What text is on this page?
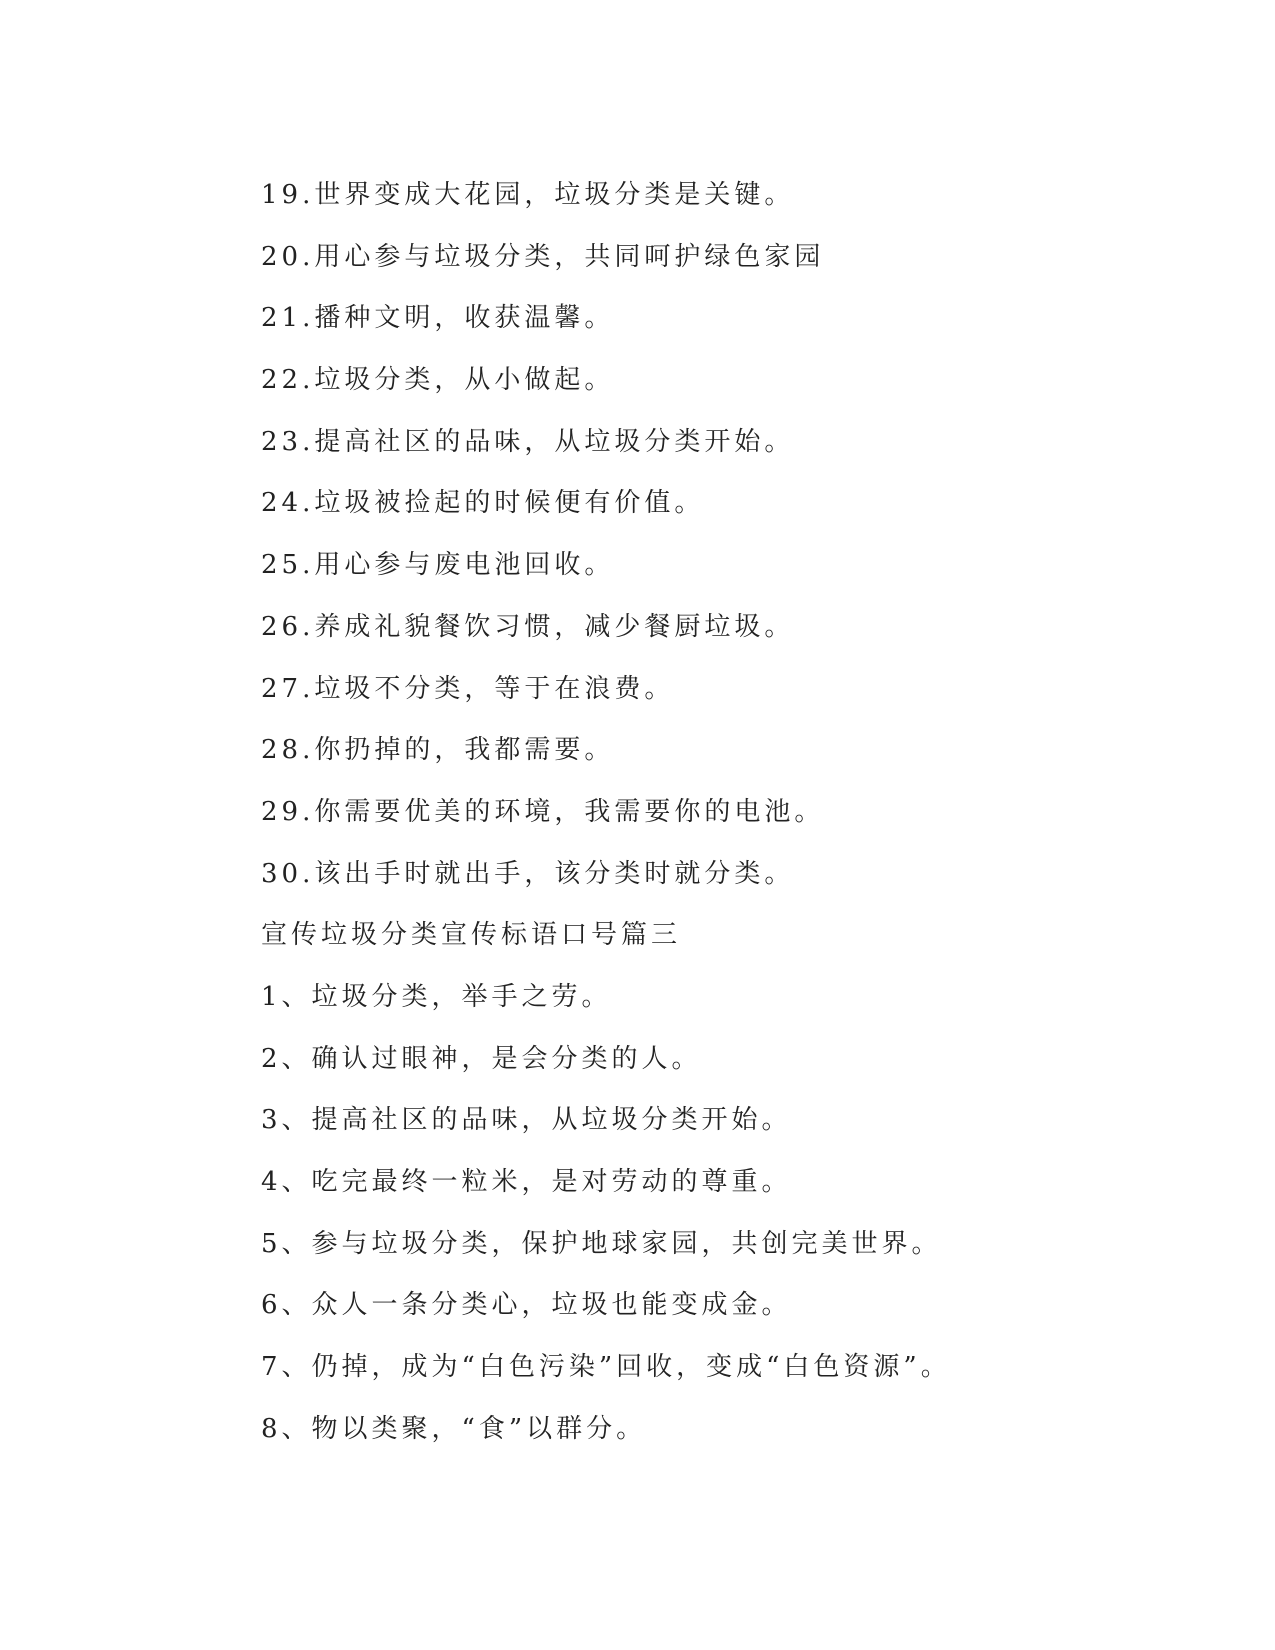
19.世界变成大花园，垃圾分类是关键。
20.用心参与垃圾分类，共同呵护绿色家园
21.播种文明，收获温馨。
22.垃圾分类，从小做起。
23.提高社区的品味，从垃圾分类开始。
24.垃圾被捡起的时候便有价值。
25.用心参与废电池回收。
26.养成礼貌餐饮习惯，减少餐厨垃圾。
27.垃圾不分类，等于在浪费。
28.你扔掉的，我都需要。
29.你需要优美的环境，我需要你的电池。
30.该出手时就出手，该分类时就分类。
宣传垃圾分类宣传标语口号篇三
1、垃圾分类，举手之劳。
2、确认过眼神，是会分类的人。
3、提高社区的品味，从垃圾分类开始。
4、吃完最终一粒米，是对劳动的尊重。
5、参与垃圾分类，保护地球家园，共创完美世界。
6、众人一条分类心，垃圾也能变成金。
7、仍掉，成为“白色污染”回收，变成“白色资源”。
8、物以类聚，“食”以群分。
